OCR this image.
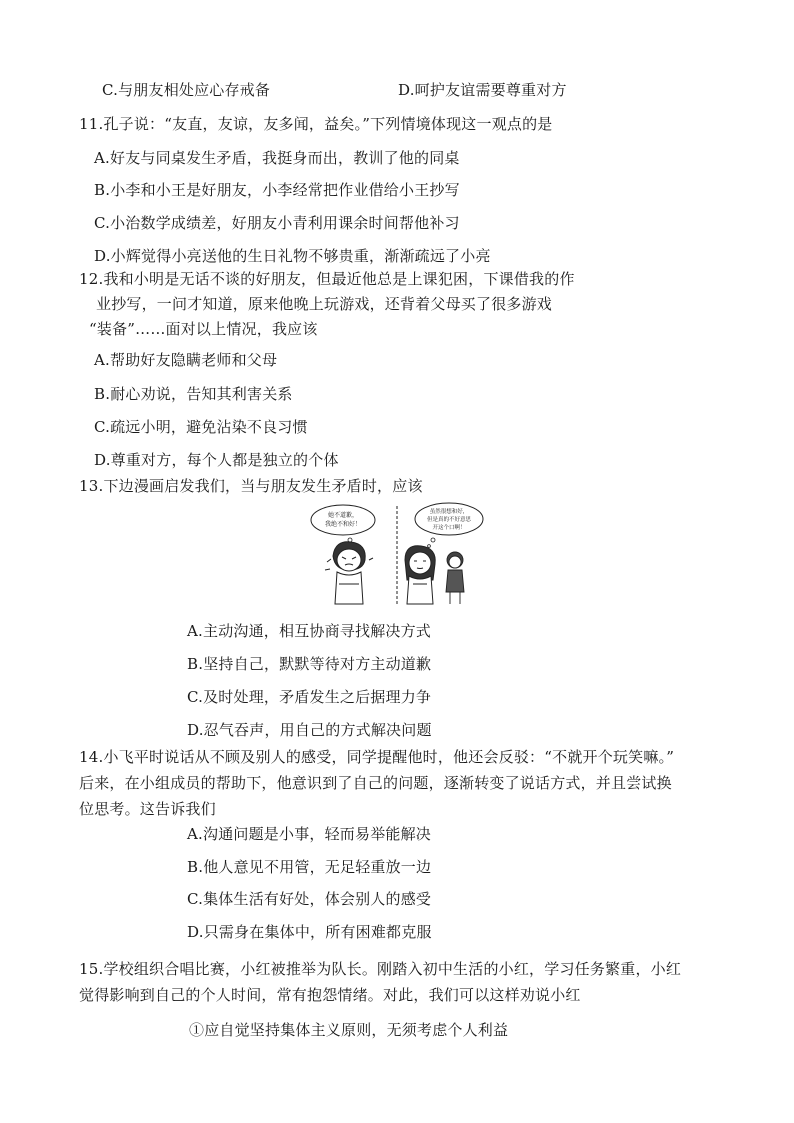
C.与朋友相处应心存戒备	D.呵护友谊需要尊重对方
11.孔子说：“友直，友谅，友多闻，益矣。”下列情境体现这一观点的是
A.好友与同桌发生矛盾，我挺身而出，教训了他的同桌
B.小李和小王是好朋友，小李经常把作业借给小王抄写
C.小治数学成绩差，好朋友小青利用课余时间帮他补习
D.小辉觉得小亮送他的生日礼物不够贵重，渐渐疏远了小亮
12.我和小明是无话不谈的好朋友，但最近他总是上课犯困，下课借我的作
业抄写，一问才知道，原来他晚上玩游戏，还背着父母买了很多游戏
“装备”……面对以上情况，我应该
A.帮助好友隐瞒老师和父母
B.耐心劝说，告知其利害关系
C.疏远小明，避免沾染不良习惯
D.尊重对方，每个人都是独立的个体
13.下边漫画启发我们，当与朋友发生矛盾时，应该
她不道歉，
我绝不和好！
虽然很想和好，
但是真的不好意思
开这个口啊！
A.主动沟通，相互协商寻找解决方式
B.坚持自己，默默等待对方主动道歉
C.及时处理，矛盾发生之后据理力争
D.忍气吞声，用自己的方式解决问题
14.小飞平时说话从不顾及别人的感受，同学提醒他时，他还会反驳：“不就开个玩笑嘛。”
后来，在小组成员的帮助下，他意识到了自己的问题，逐渐转变了说话方式，并且尝试换
位思考。这告诉我们
A.沟通问题是小事，轻而易举能解决
B.他人意见不用管，无足轻重放一边
C.集体生活有好处，体会别人的感受
D.只需身在集体中，所有困难都克服
15.学校组织合唱比赛，小红被推举为队长。刚踏入初中生活的小红，学习任务繁重，小红
觉得影响到自己的个人时间，常有抱怨情绪。对此，我们可以这样劝说小红
①应自觉坚持集体主义原则，无须考虑个人利益
